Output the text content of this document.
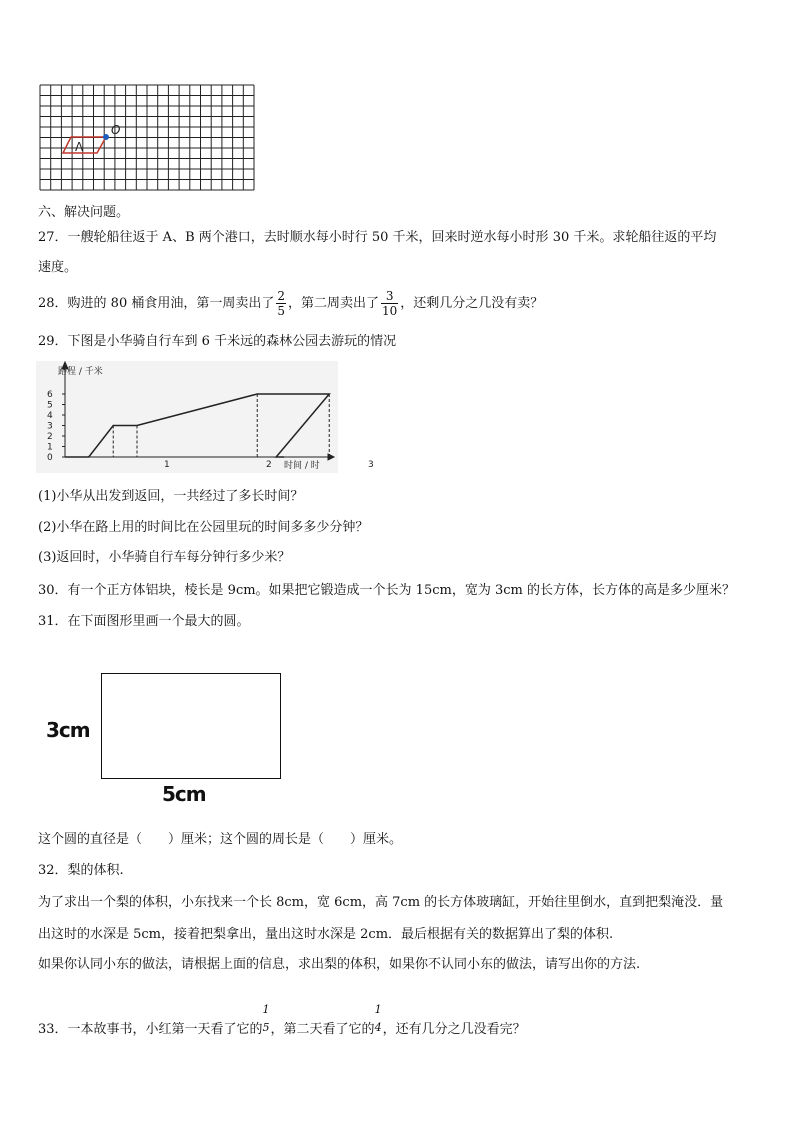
A
O
六、解决问题。
27．一艘轮船往返于 A、B 两个港口，去时顺水每小时行 50 千米，回来时逆水每小时形 30 千米。求轮船往返的平均
速度。
28．购进的 80 桶食用油，第一周卖出了 $\frac{2}{5}$ ，第二周卖出了 $\frac{3}{10}$ ，还剩几分之几没有卖？
29．下图是小华骑自行车到 6 千米远的森林公园去游玩的情况
0
1
2
3
4
5
6
1	2	3
路程 / 千米
时间 / 时
(1)小华从出发到返回，一共经过了多长时间？
(2)小华在路上用的时间比在公园里玩的时间多多少分钟？
(3)返回时，小华骑自行车每分钟行多少米？
30．有一个正方体铝块，棱长是 9cm。如果把它锻造成一个长为 15cm，宽为 3cm 的长方体，长方体的高是多少厘米？
31．在下面图形里画一个最大的圆。
3cm
5cm
这个圆的直径是（ ）厘米；这个圆的周长是（ ）厘米。
32．梨的体积.
为了求出一个梨的体积，小东找来一个长 8cm，宽 6cm，高 7cm 的长方体玻璃缸，开始往里倒水，直到把梨淹没．量
出这时的水深是 5cm，接着把梨拿出，量出这时水深是 2cm．最后根据有关的数据算出了梨的体积.
如果你认同小东的做法，请根据上面的信息，求出梨的体积，如果你不认同小东的做法，请写出你的方法.
33．一本故事书，小红第一天看了它的
1
5 ，第二天看了它的
1
4 ，还有几分之几没看完？
